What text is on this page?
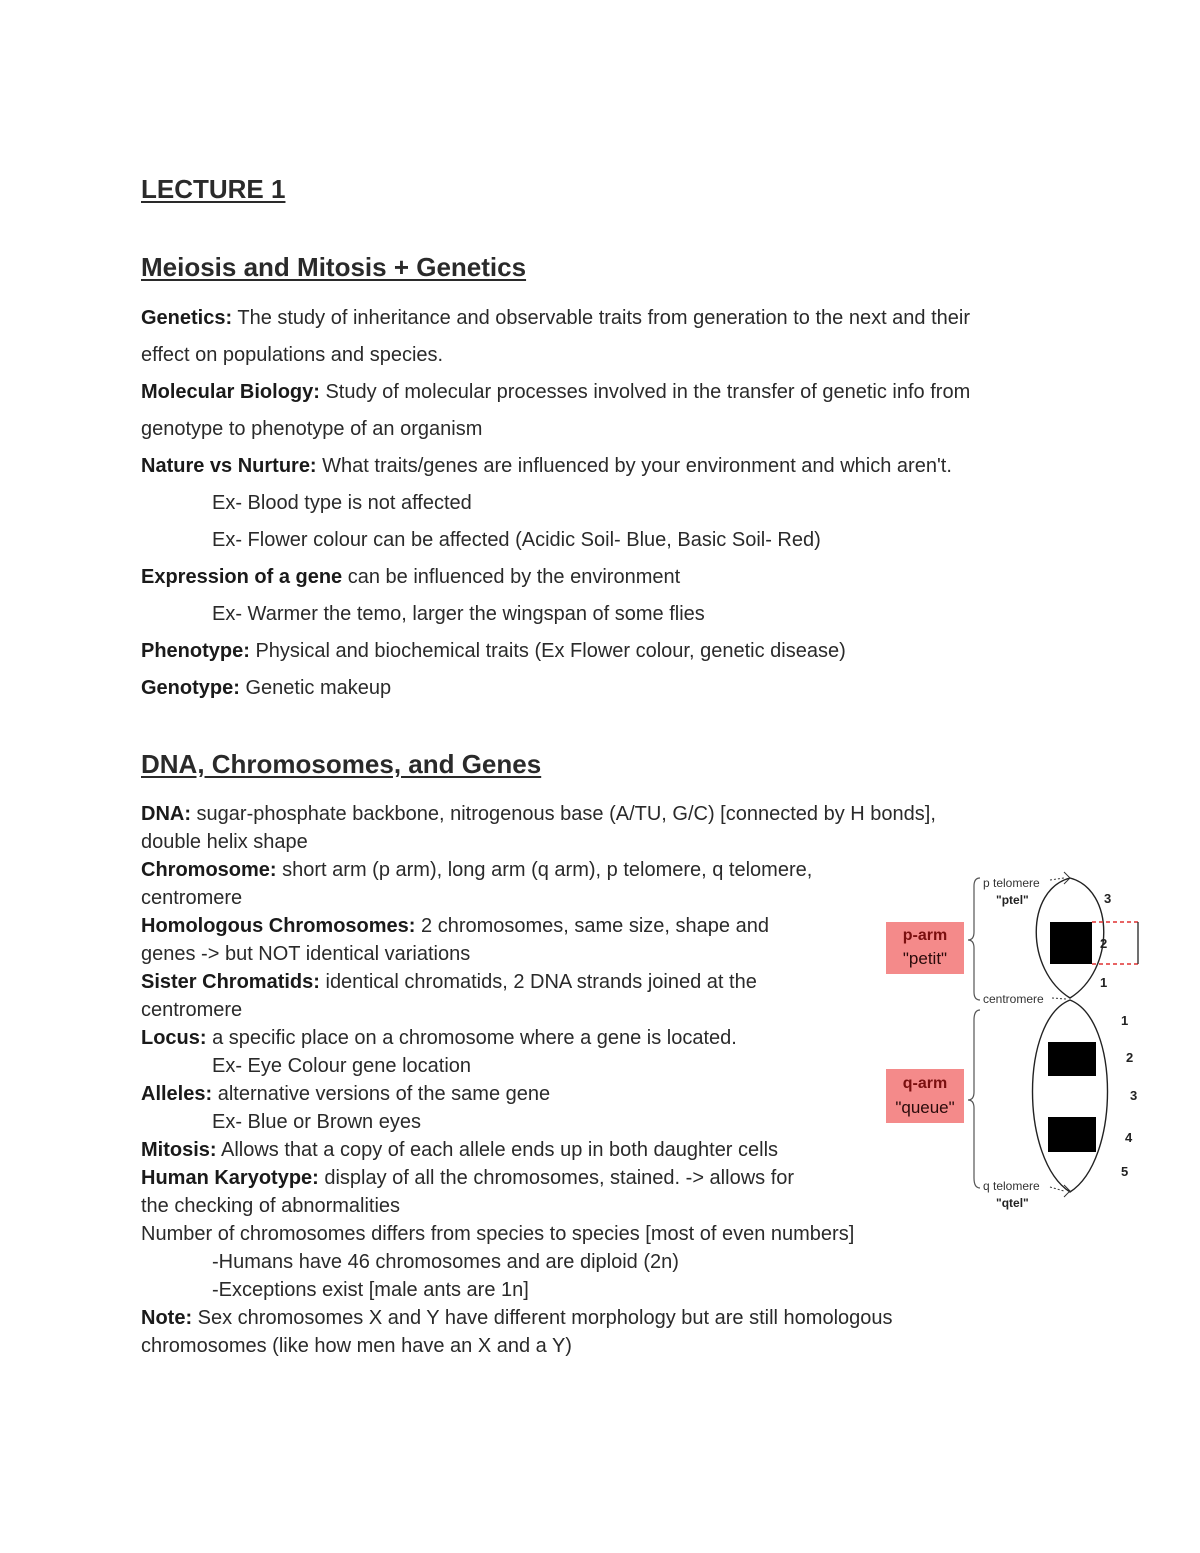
LECTURE 1
Meiosis and Mitosis + Genetics
Genetics: The study of inheritance and observable traits from generation to the next and their
effect on populations and species.
Molecular Biology: Study of molecular processes involved in the transfer of genetic info from
genotype to phenotype of an organism
Nature vs Nurture: What traits/genes are influenced by your environment and which aren't.
Ex- Blood type is not affected
Ex- Flower colour can be affected (Acidic Soil- Blue, Basic Soil- Red)
Expression of a gene can be influenced by the environment
Ex- Warmer the temo, larger the wingspan of some flies
Phenotype: Physical and biochemical traits (Ex Flower colour, genetic disease)
Genotype: Genetic makeup
DNA, Chromosomes, and Genes
DNA: sugar-phosphate backbone, nitrogenous base (A/TU, G/C) [connected by H bonds],
double helix shape
Chromosome: short arm (p arm), long arm (q arm), p telomere, q telomere,
centromere
Homologous Chromosomes: 2 chromosomes, same size, shape and
genes -> but NOT identical variations
Sister Chromatids: identical chromatids, 2 DNA strands joined at the
centromere
Locus: a specific place on a chromosome where a gene is located.
Ex- Eye Colour gene location
Alleles: alternative versions of the same gene
Ex- Blue or Brown eyes
Mitosis: Allows that a copy of each allele ends up in both daughter cells
Human Karyotype: display of all the chromosomes, stained. -> allows for
the checking of abnormalities
Number of chromosomes differs from species to species [most of even numbers]
-Humans have 46 chromosomes and are diploid (2n)
-Exceptions exist [male ants are 1n]
Note: Sex chromosomes X and Y have different morphology but are still homologous
chromosomes (like how men have an X and a Y)
p telomere
"ptel"
centromere
q telomere
"qtel"
p-arm
"petit"
q-arm
"queue"
3
2
1
1
2
3
4
5
